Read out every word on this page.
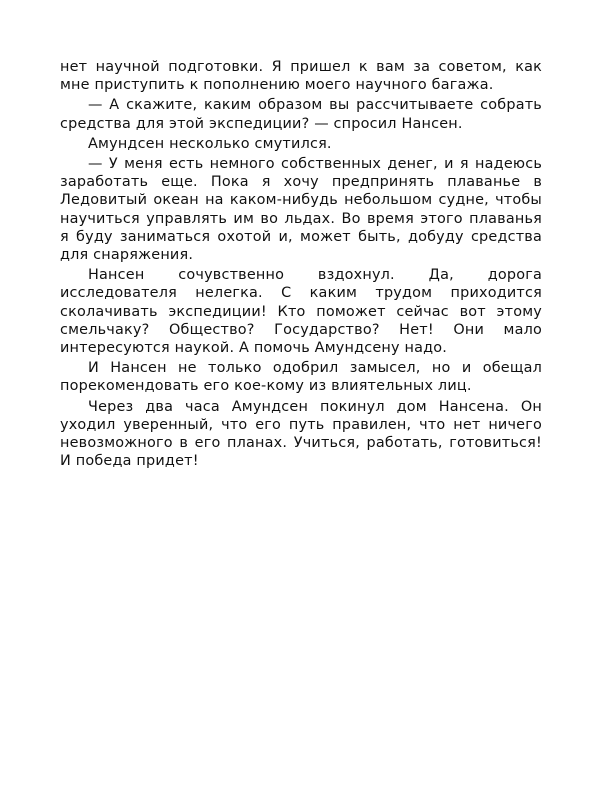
нет научной подготовки. Я пришел к вам за советом, как мне приступить к пополнению моего научного багажа.

— А скажите, каким образом вы рассчитываете собрать средства для этой экспедиции? — спросил Нансен.

Амундсен несколько смутился.

— У меня есть немного собственных денег, и я надеюсь заработать еще. Пока я хочу предпринять плаванье в Ледовитый океан на каком-нибудь небольшом судне, чтобы научиться управлять им во льдах. Во время этого плаванья я буду заниматься охотой и, может быть, добуду средства для снаряжения.

Нансен сочувственно вздохнул. Да, дорога исследователя нелегка. С каким трудом приходится сколачивать экспедиции! Кто поможет сейчас вот этому смельчаку? Общество? Государство? Нет! Они мало интересуются наукой. А помочь Амундсену надо.

И Нансен не только одобрил замысел, но и обещал порекомендовать его кое-кому из влиятельных лиц.

Через два часа Амундсен покинул дом Нансена. Он уходил уверенный, что его путь правилен, что нет ничего невозможного в его планах. Учиться, работать, готовиться! И победа придет!
